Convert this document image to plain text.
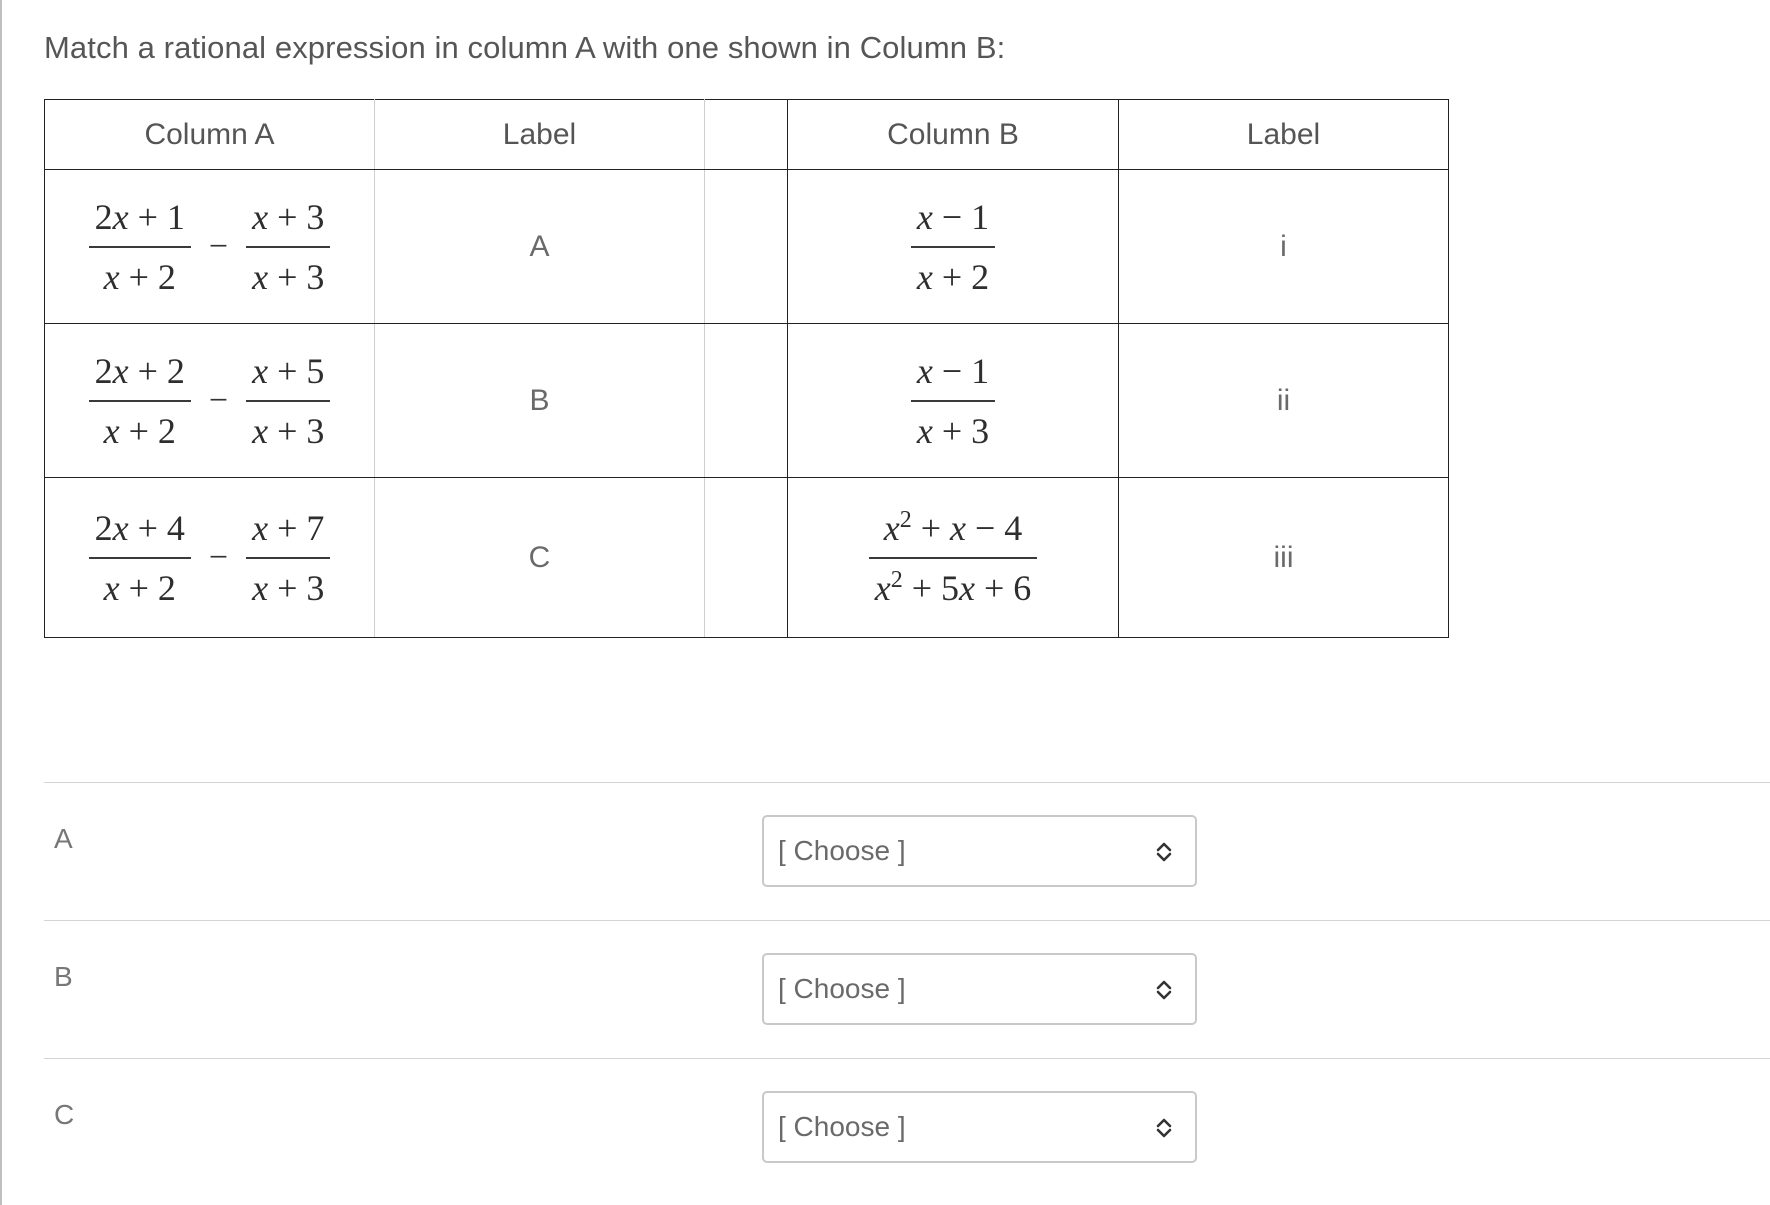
Match a rational expression in column A with one shown in Column B:

Column A	Label		Column B	Label

$\frac{2x + 1}{x + 2} - \frac{x + 3}{x + 3}$	A		$\frac{x - 1}{x + 2}$	i

$\frac{2x + 2}{x + 2} - \frac{x + 5}{x + 3}$	B		$\frac{x - 1}{x + 3}$	ii

$\frac{2x + 4}{x + 2} - \frac{x + 7}{x + 3}$	C		$\frac{x^2 + x - 4}{x^2 + 5x + 6}$	iii
A	[ Choose ]
B	[ Choose ]
C	[ Choose ]
